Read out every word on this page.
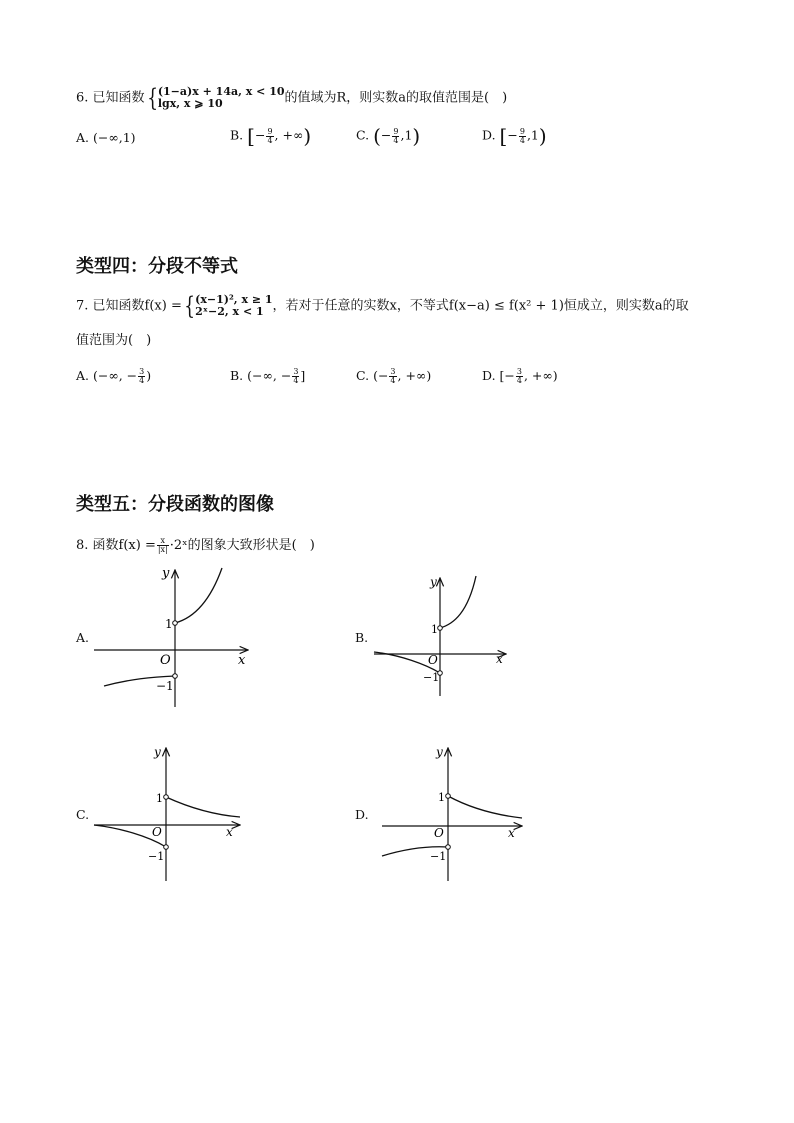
6. 已知函数{ (1−a)x + 14a, x < 10
lgx, x ⩾ 10	的值域为R，则实数a的取值范围是(　)
A. (−∞,1)	B. [− $\frac{9}{4}$ , +∞)	C. (− $\frac{9}{4} ,1$)	D. [− $\frac{9}{4} ,1$)
类型四：分段不等式
7. 已知函数f(x) ={ (x−1)², x ≥ 1
2ˣ−2, x < 1 ，若对于任意的实数x，不等式f(x−a) ≤ f(x² + 1)恒成立，则实数a的取
值范围为(　)
A. (−∞, − $\frac{3}{4}$ )	B. (−∞, − $\frac{3}{4}$ ]	C. (− $\frac{3}{4}$ , +∞)	D. [− $\frac{3}{4}$ , +∞)
类型五：分段函数的图像
8. 函数$f(x) = \frac{x}{|x|}$ ·2ˣ的图象大致形状是(　)
A.	B.
C.	D.
x
y
O
1
−1
x
y
O
1
−1
x
y
O
1
−1
x
y
O
1
−1
